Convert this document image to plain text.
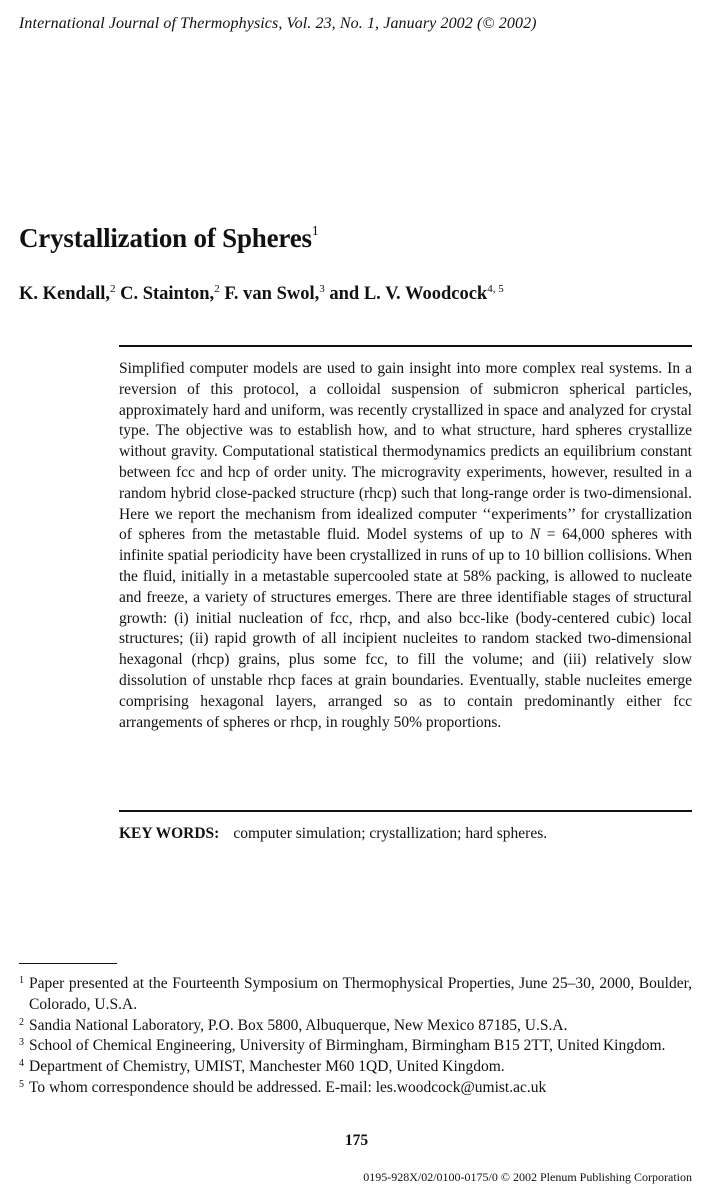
International Journal of Thermophysics, Vol. 23, No. 1, January 2002 (© 2002)
Crystallization of Spheres$^1$
K. Kendall,$^2$ C. Stainton,$^2$ F. van Swol,$^3$ and L. V. Woodcock$^{4, 5}$
Simplified computer models are used to gain insight into more complex real systems. In a reversion of this protocol, a colloidal suspension of submicron spherical particles, approximately hard and uniform, was recently crystallized in space and analyzed for crystal type. The objective was to establish how, and to what structure, hard spheres crystallize without gravity. Computational statistical thermodynamics predicts an equilibrium constant between fcc and hcp of order unity. The microgravity experiments, however, resulted in a random hybrid close-packed structure (rhcp) such that long-range order is two-dimensional. Here we report the mechanism from idealized computer ‘‘experiments’’ for crystallization of spheres from the metastable fluid. Model systems of up to N = 64,000 spheres with infinite spatial periodicity have been crystallized in runs of up to 10 billion collisions. When the fluid, initially in a metastable supercooled state at 58% packing, is allowed to nucleate and freeze, a variety of structures emerges. There are three identifiable stages of structural growth: (i) initial nucleation of fcc, rhcp, and also bcc-like (body-centered cubic) local structures; (ii) rapid growth of all incipient nucleites to random stacked two-dimensional hexagonal (rhcp) grains, plus some fcc, to fill the volume; and (iii) relatively slow dissolution of unstable rhcp faces at grain boundaries. Eventually, stable nucleites emerge comprising hexagonal layers, arranged so as to contain predominantly either fcc arrangements of spheres or rhcp, in roughly 50% proportions.
KEY WORDS: computer simulation; crystallization; hard spheres.
1 Paper presented at the Fourteenth Symposium on Thermophysical Properties, June 25–30, 2000, Boulder, Colorado, U.S.A.
2 Sandia National Laboratory, P.O. Box 5800, Albuquerque, New Mexico 87185, U.S.A.
3 School of Chemical Engineering, University of Birmingham, Birmingham B15 2TT, United Kingdom.
4 Department of Chemistry, UMIST, Manchester M60 1QD, United Kingdom.
5 To whom correspondence should be addressed. E-mail: les.woodcock@umist.ac.uk
175
0195-928X/02/0100-0175/0 © 2002 Plenum Publishing Corporation
